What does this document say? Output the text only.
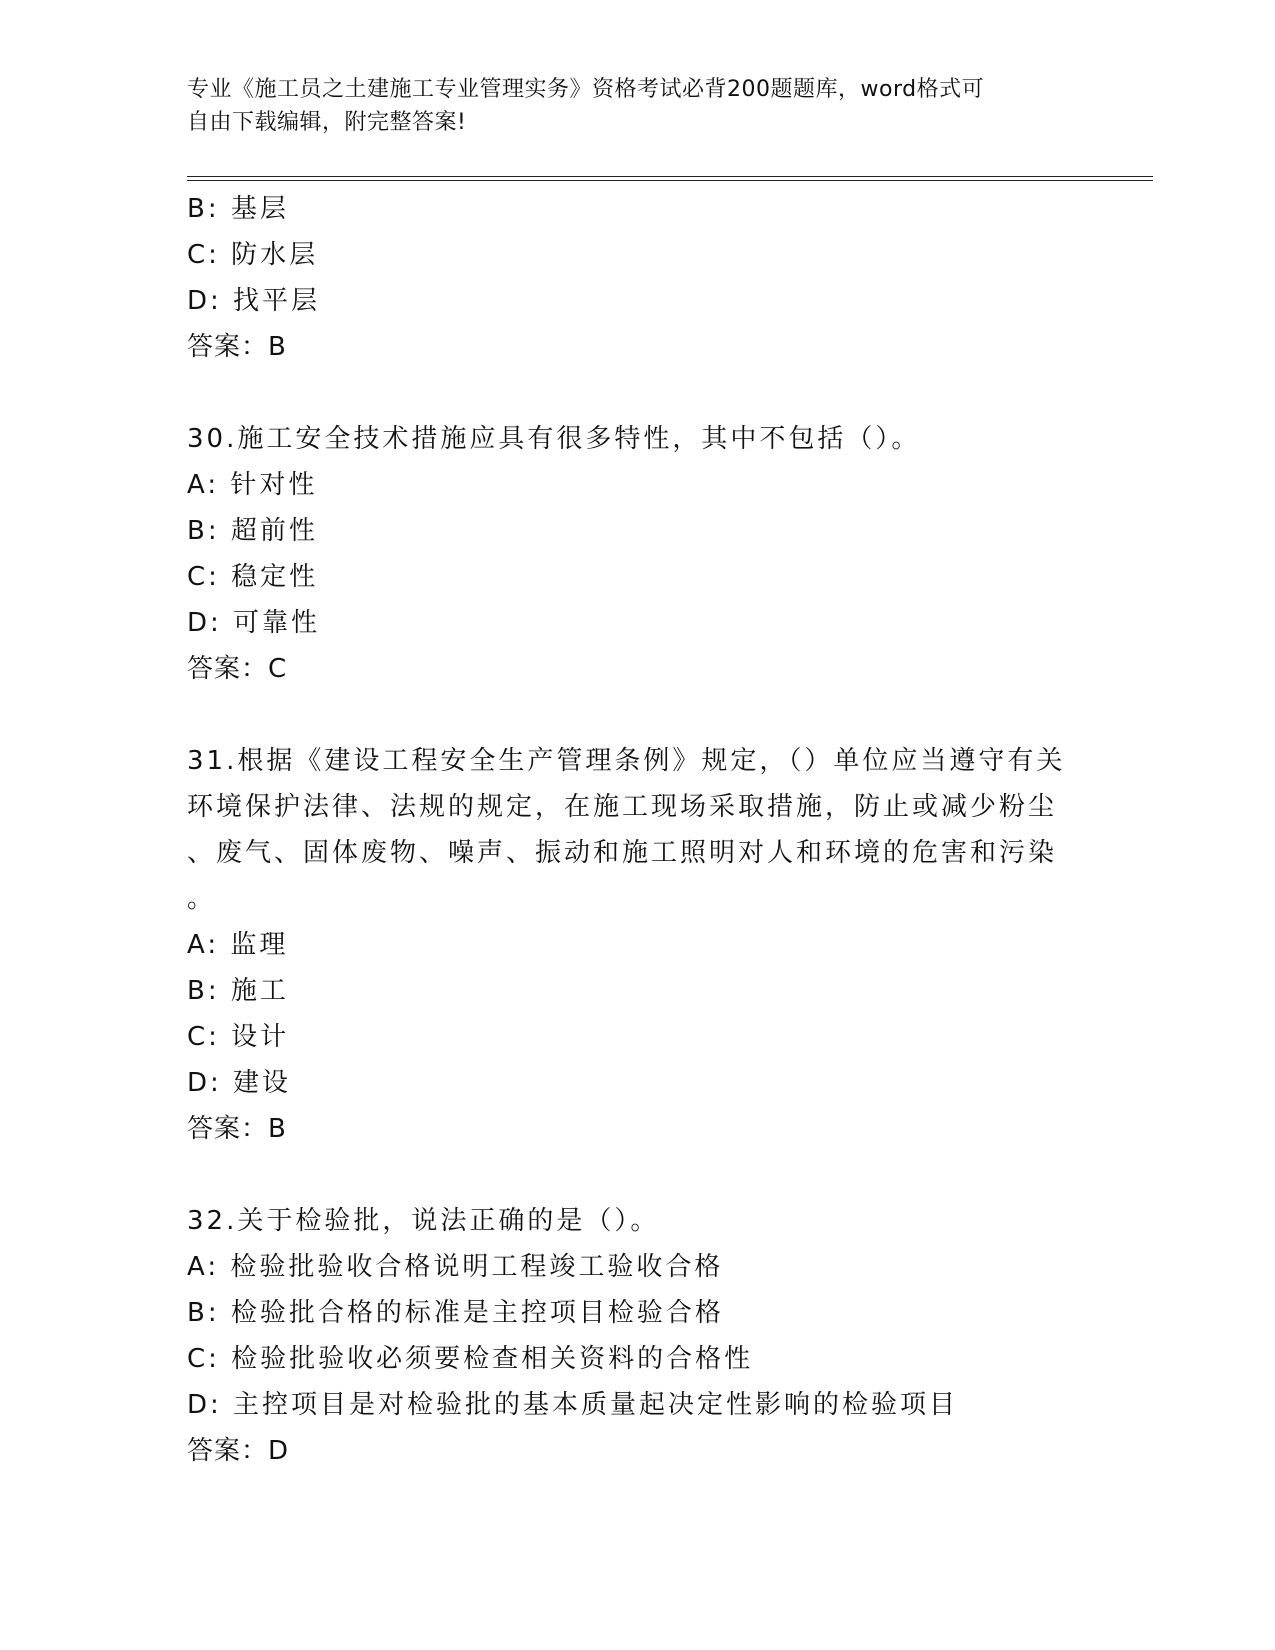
专业《施工员之土建施工专业管理实务》资格考试必背200题题库，word格式可
自由下载编辑，附完整答案!
B: 基层
C: 防水层
D: 找平层
答案：B
30.施工安全技术措施应具有很多特性，其中不包括（）。
A: 针对性
B: 超前性
C: 稳定性
D: 可靠性
答案：C
31.根据《建设工程安全生产管理条例》规定，（）单位应当遵守有关
环境保护法律、法规的规定，在施工现场采取措施，防止或减少粉尘
、废气、固体废物、噪声、振动和施工照明对人和环境的危害和污染
。
A: 监理
B: 施工
C: 设计
D: 建设
答案：B
32.关于检验批，说法正确的是（）。
A: 检验批验收合格说明工程竣工验收合格
B: 检验批合格的标准是主控项目检验合格
C: 检验批验收必须要检查相关资料的合格性
D: 主控项目是对检验批的基本质量起决定性影响的检验项目
答案：D
